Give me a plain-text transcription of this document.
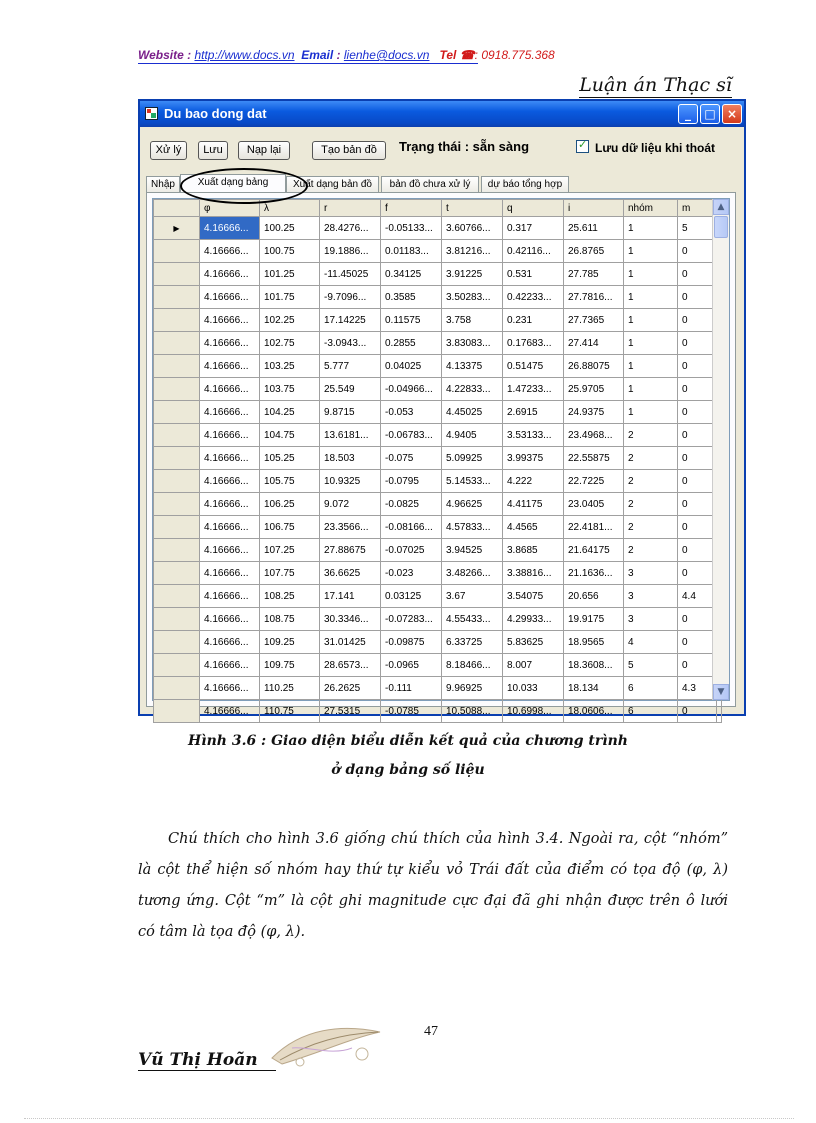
Website : http://www.docs.vn Email : lienhe@docs.vn Tel ☎: 0918.775.368
Luận án Thạc sĩ
Du bao dong dat	_	□ ×
Xử lý	Lưu	Nạp lại	Tạo bản đồ	Trạng thái : sẵn sàng ✓	Lưu dữ liệu khi thoát
Nhập	Xuất dạng bảng	Xuất dạng bản đồ	bản đồ chưa xử lý	dự báo tổng hợp
	φ	λ	r	f	t	q	i	nhóm	m	
▶	4.16666...	100.25	28.4276...	-0.05133...	3.60766...	0.317	25.611	1	5	
	4.16666...	100.75	19.1886...	0.01183...	3.81216...	0.42116...	26.8765	1	0	
	4.16666...	101.25	-11.45025	0.34125	3.91225	0.531	27.785	1	0	
	4.16666...	101.75	-9.7096...	0.3585	3.50283...	0.42233...	27.7816...	1	0	
	4.16666...	102.25	17.14225	0.11575	3.758	0.231	27.7365	1	0	
	4.16666...	102.75	-3.0943...	0.2855	3.83083...	0.17683...	27.414	1	0	
	4.16666...	103.25	5.777	0.04025	4.13375	0.51475	26.88075	1	0	
	4.16666...	103.75	25.549	-0.04966...	4.22833...	1.47233...	25.9705	1	0	
	4.16666...	104.25	9.8715	-0.053	4.45025	2.6915	24.9375	1	0	
	4.16666...	104.75	13.6181...	-0.06783...	4.9405	3.53133...	23.4968...	2	0	
	4.16666...	105.25	18.503	-0.075	5.09925	3.99375	22.55875	2	0	
	4.16666...	105.75	10.9325	-0.0795	5.14533...	4.222	22.7225	2	0	
	4.16666...	106.25	9.072	-0.0825	4.96625	4.41175	23.0405	2	0	
	4.16666...	106.75	23.3566...	-0.08166...	4.57833...	4.4565	22.4181...	2	0	
	4.16666...	107.25	27.88675	-0.07025	3.94525	3.8685	21.64175	2	0	
	4.16666...	107.75	36.6625	-0.023	3.48266...	3.38816...	21.1636...	3	0	
	4.16666...	108.25	17.141	0.03125	3.67	3.54075	20.656	3	4.4	
	4.16666...	108.75	30.3346...	-0.07283...	4.55433...	4.29933...	19.9175	3	0	
	4.16666...	109.25	31.01425	-0.09875	6.33725	5.83625	18.9565	4	0	
	4.16666...	109.75	28.6573...	-0.0965	8.18466...	8.007	18.3608...	5	0	
	4.16666...	110.25	26.2625	-0.111	9.96925	10.033	18.134	6	4.3	
	4.16666...	110.75	27.5315	-0.0785	10.5088...	10.6998...	18.0606...	6	0	
▲
▼
Hình 3.6 : Giao diện biểu diễn kết quả của chương trình
ở dạng bảng số liệu

Chú thích cho hình 3.6 giống chú thích của hình 3.4. Ngoài ra, cột “nhóm” là cột thể hiện số nhóm hay thứ tự kiểu vỏ Trái đất của điểm có tọa độ (φ, λ) tương ứng. Cột “m” là cột ghi magnitude cực đại đã ghi nhận được trên ô lưới có tâm là tọa độ (φ, λ).

47
Vũ Thị Hoãn
